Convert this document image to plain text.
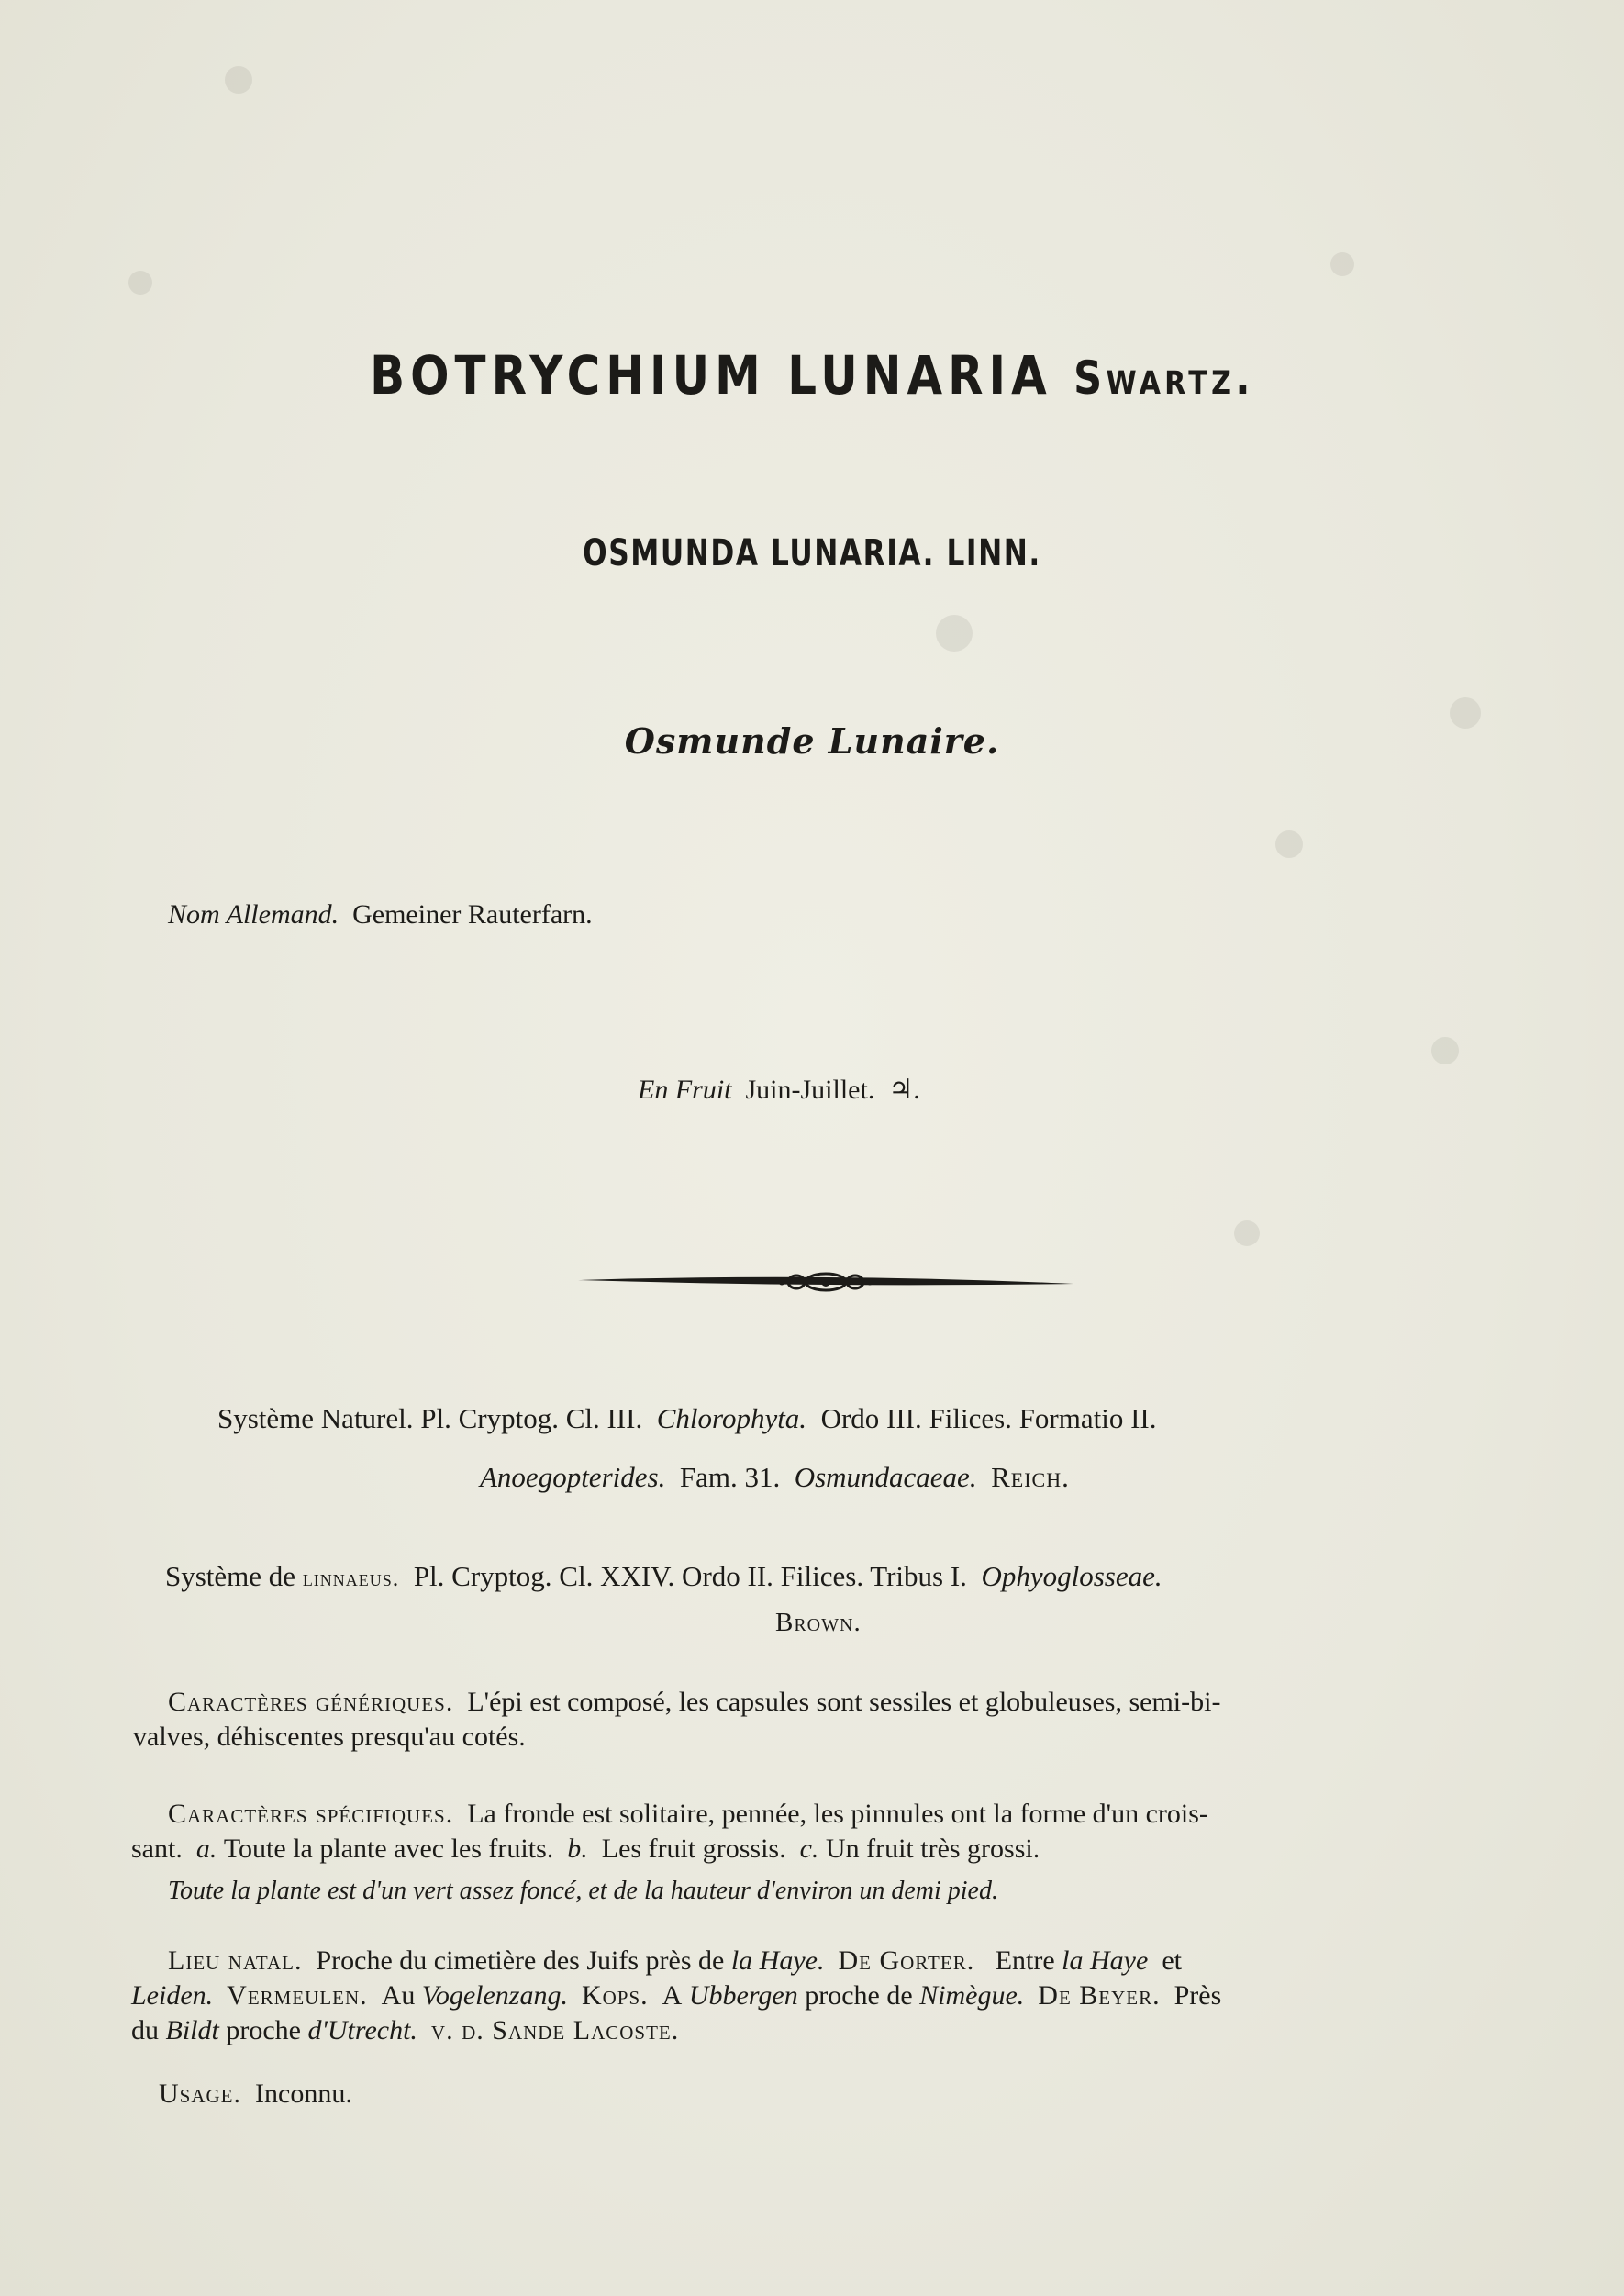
BOTRYCHIUM LUNARIA Swartz.
OSMUNDA LUNARIA. LINN.
Osmunde Lunaire.
Nom Allemand. Gemeiner Rauterfarn.
En Fruit Juin-Juillet. ♃.
Système Naturel. Pl. Cryptog. Cl. III. Chlorophyta. Ordo III. Filices. Formatio II.
Anoegopterides. Fam. 31. Osmundacaeae. Reich.
Système de linnaeus. Pl. Cryptog. Cl. XXIV. Ordo II. Filices. Tribus I. Ophyoglosseae.
Brown.
Caractères génériques. L'épi est composé, les capsules sont sessiles et globuleuses, semi-bi-
valves, déhiscentes presqu'au cotés.
Caractères spécifiques. La fronde est solitaire, pennée, les pinnules ont la forme d'un crois-
sant. a. Toute la plante avec les fruits. b. Les fruit grossis. c. Un fruit très grossi.
Toute la plante est d'un vert assez foncé, et de la hauteur d'environ un demi pied.
Lieu natal. Proche du cimetière des Juifs près de la Haye. De Gorter. Entre la Haye et
Leiden. Vermeulen. Au Vogelenzang. Kops. A Ubbergen proche de Nimègue. De Beyer. Près
du Bildt proche d'Utrecht. v. d. Sande Lacoste.
Usage. Inconnu.
